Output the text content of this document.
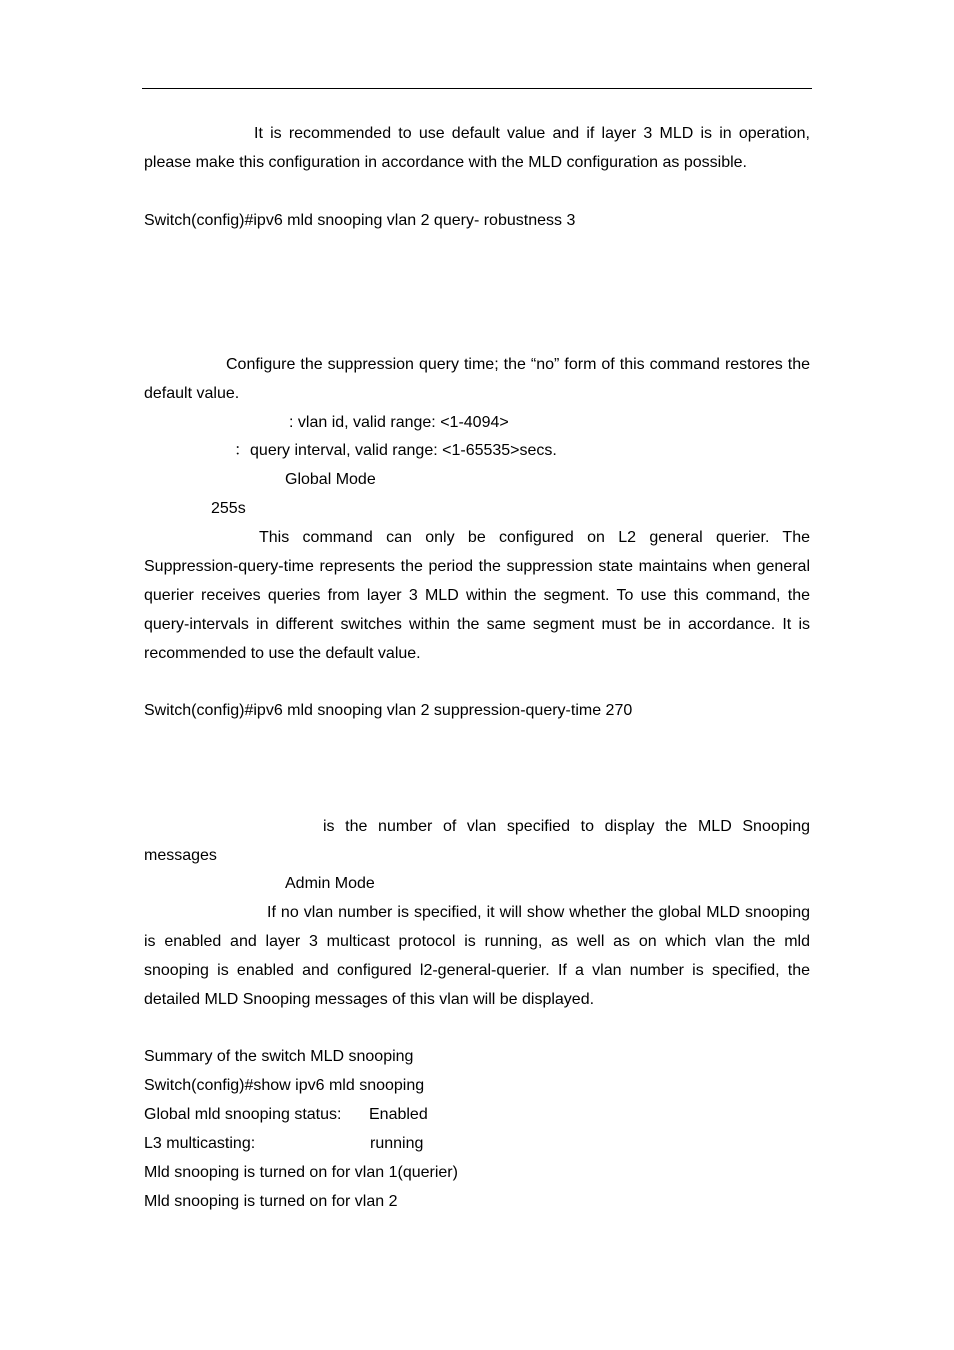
It is recommended to use default value and if layer 3 MLD is in operation, please make this configuration in accordance with the MLD configuration as possible.
Switch(config)#ipv6 mld snooping vlan 2 query- robustness 3
Configure the suppression query time; the “no” form of this command restores the default value.
: vlan id, valid range: <1-4094>
：query interval, valid range: <1-65535>secs.
Global Mode
255s
This command can only be configured on L2 general querier. The Suppression-query-time represents the period the suppression state maintains when general querier receives queries from layer 3 MLD within the segment. To use this command, the query-intervals in different switches within the same segment must be in accordance. It is recommended to use the default value.
Switch(config)#ipv6 mld snooping vlan 2 suppression-query-time 270
is the number of vlan specified to display the MLD Snooping messages
Admin Mode
If no vlan number is specified, it will show whether the global MLD snooping is enabled and layer 3 multicast protocol is running, as well as on which vlan the mld snooping is enabled and configured l2-general-querier. If a vlan number is specified, the detailed MLD Snooping messages of this vlan will be displayed.
Summary of the switch MLD snooping
Switch(config)#show ipv6 mld snooping
Global mld snooping status: Enabled
L3 multicasting:	running
Mld snooping is turned on for vlan 1(querier)
Mld snooping is turned on for vlan 2
